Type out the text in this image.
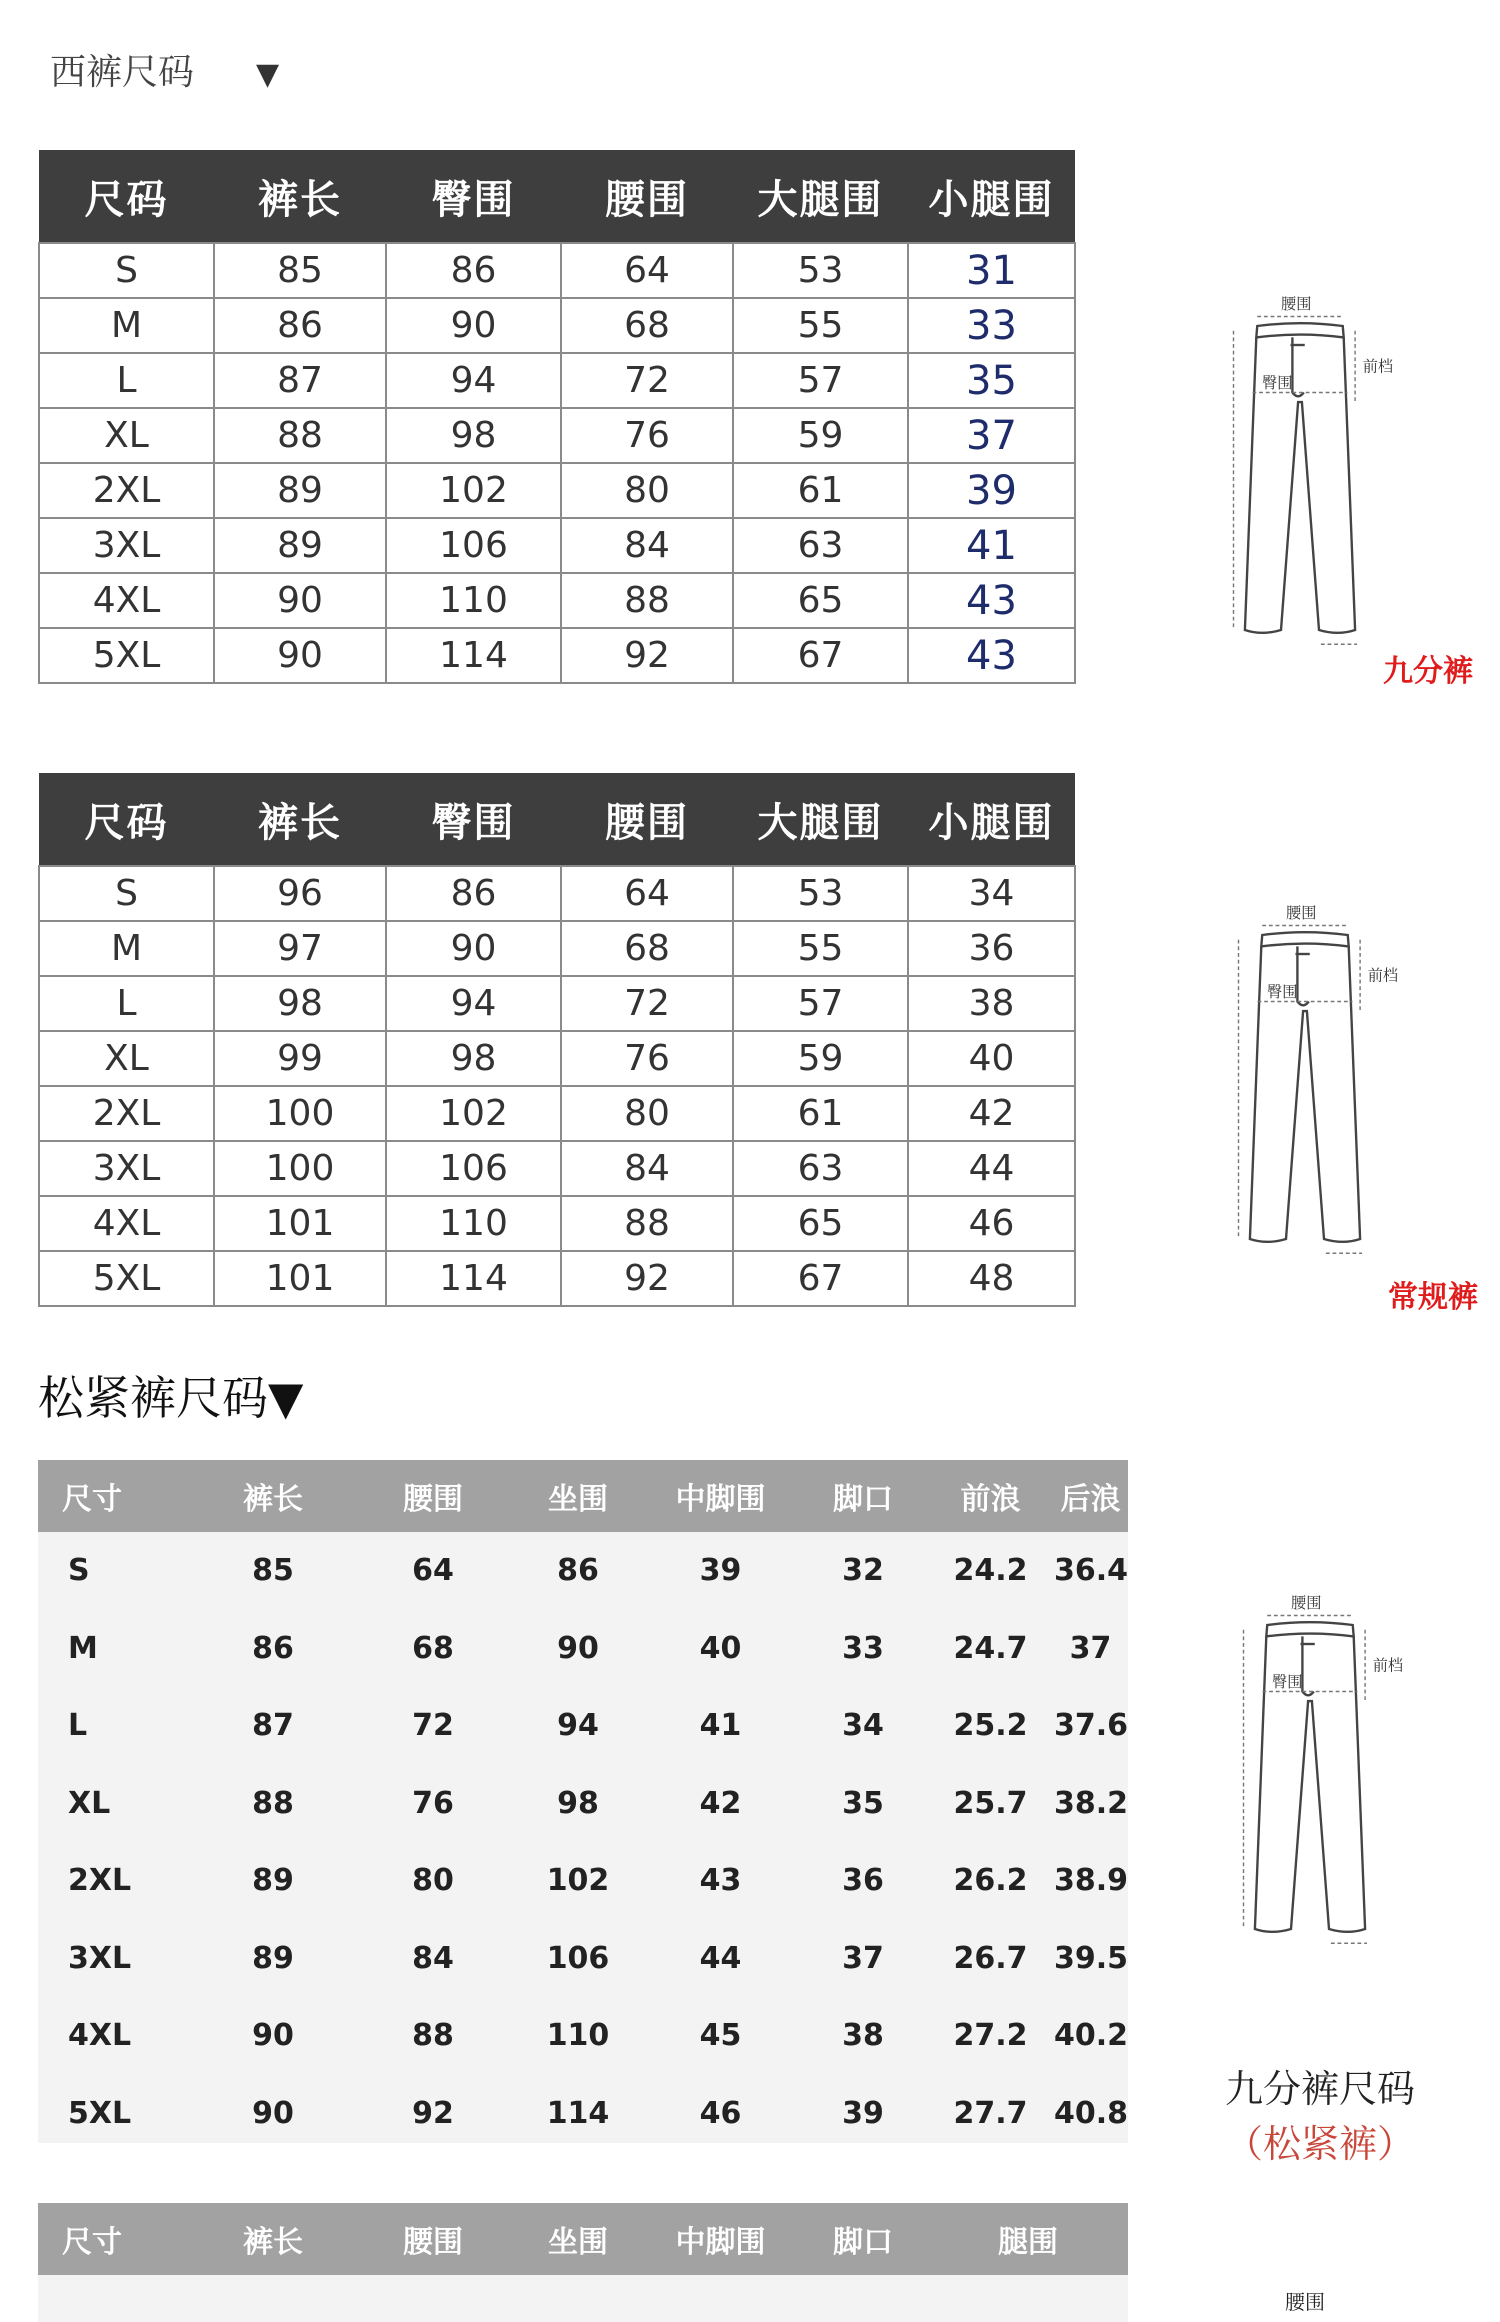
西裤尺码 ▼
尺码	裤长	臀围	腰围	大腿围	小腿围
S	85	86	64	53	31
M	86	90	68	55	33
L	87	94	72	57	35
XL	88	98	76	59	37
2XL	89	102	80	61	39
3XL	89	106	84	63	41
4XL	90	110	88	65	43
5XL	90	114	92	67	43
尺码	裤长	臀围	腰围	大腿围	小腿围
S	96	86	64	53	34
M	97	90	68	55	36
L	98	94	72	57	38
XL	99	98	76	59	40
2XL	100	102	80	61	42
3XL	100	106	84	63	44
4XL	101	110	88	65	46
5XL	101	114	92	67	48
松紧裤尺码▼
尺寸	裤长	腰围	坐围	中脚围	脚口	前浪	后浪
S	85	64	86	39	32	24.2	36.4
M	86	68	90	40	33	24.7	37
L	87	72	94	41	34	25.2	37.6
XL	88	76	98	42	35	25.7	38.2
2XL	89	80	102	43	36	26.2	38.9
3XL	89	84	106	44	37	26.7	39.5
4XL	90	88	110	45	38	27.2	40.2
5XL	90	92	114	46	39	27.7	40.8
尺寸	裤长	腰围	坐围	中脚围	脚口	腿围
腰围
臀围
前档
九分裤
腰围
臀围
前档
常规裤
腰围
臀围
前档
九分裤尺码
（松紧裤）
腰围
